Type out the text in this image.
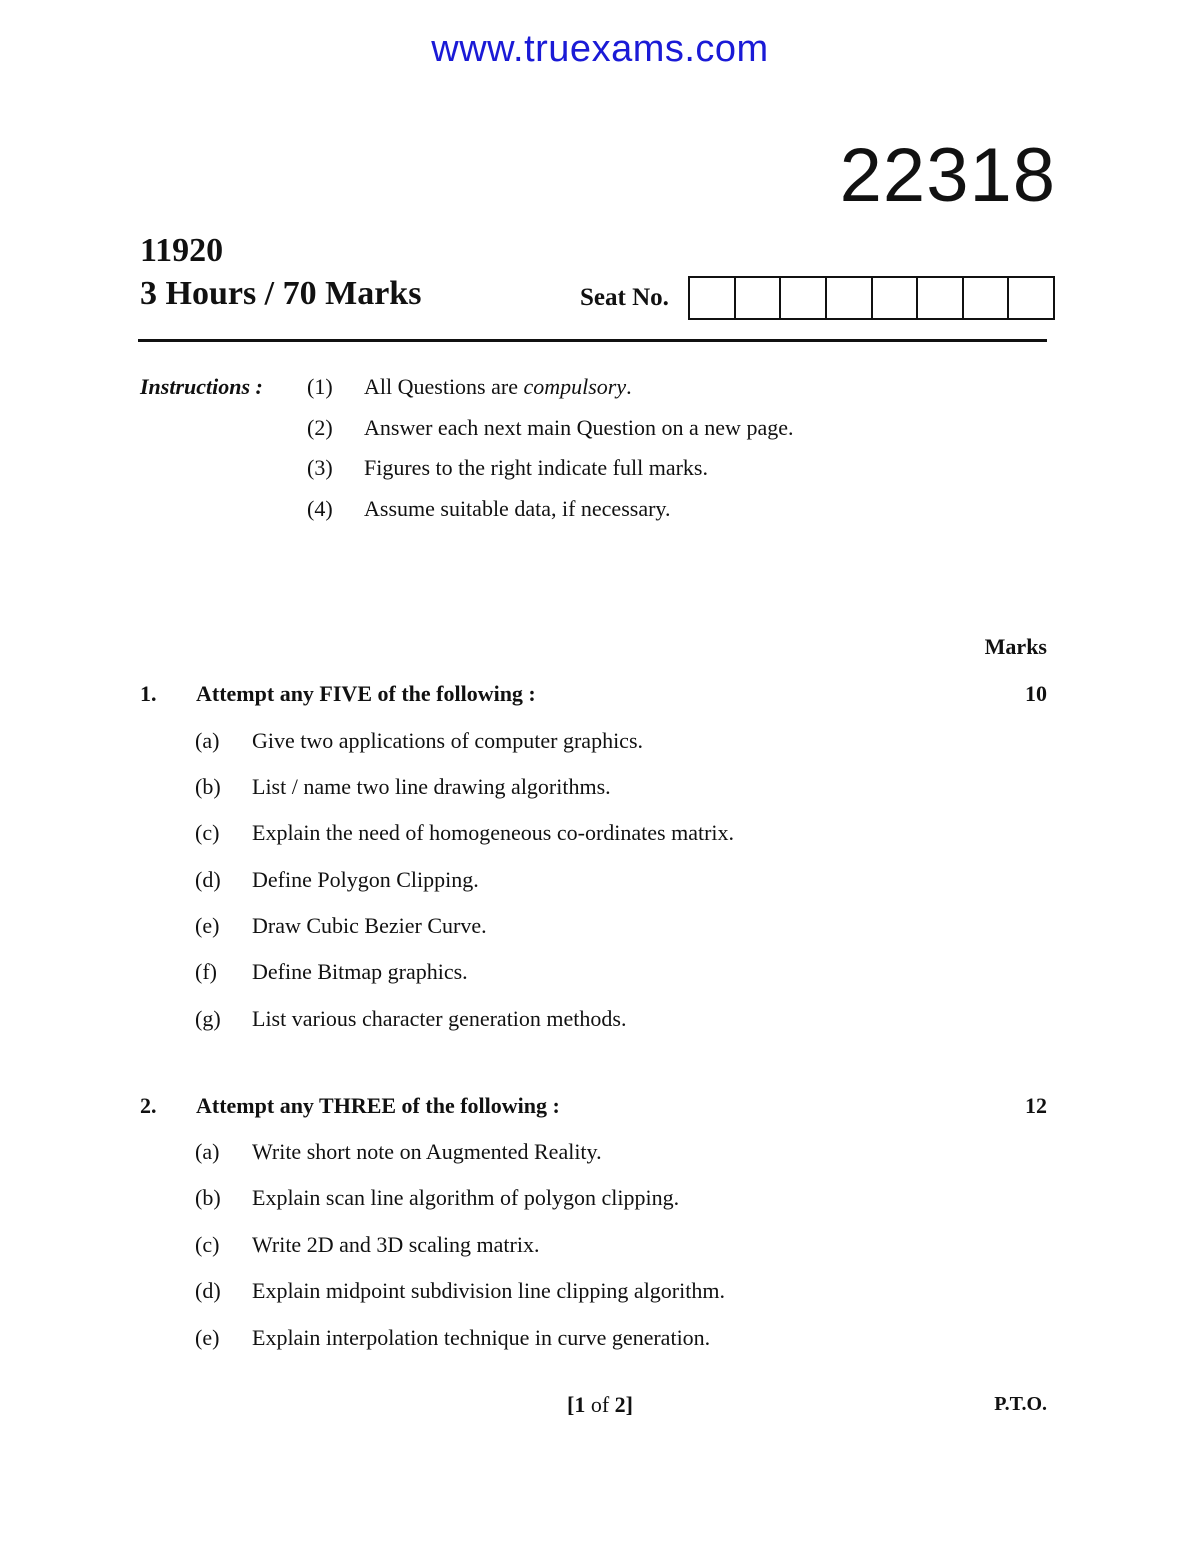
www.truexams.com
22318
11920
3 Hours / 70 Marks	Seat No.
Instructions : (1) All Questions are compulsory.
(2) Answer each next main Question on a new page.
(3) Figures to the right indicate full marks.
(4) Assume suitable data, if necessary.
Marks
1. Attempt any FIVE of the following :	10
(a) Give two applications of computer graphics.
(b) List / name two line drawing algorithms.
(c) Explain the need of homogeneous co-ordinates matrix.
(d) Define Polygon Clipping.
(e) Draw Cubic Bezier Curve.
(f) Define Bitmap graphics.
(g) List various character generation methods.
2. Attempt any THREE of the following :	12
(a) Write short note on Augmented Reality.
(b) Explain scan line algorithm of polygon clipping.
(c) Write 2D and 3D scaling matrix.
(d) Explain midpoint subdivision line clipping algorithm.
(e) Explain interpolation technique in curve generation.
[1 of 2]	P.T.O.
